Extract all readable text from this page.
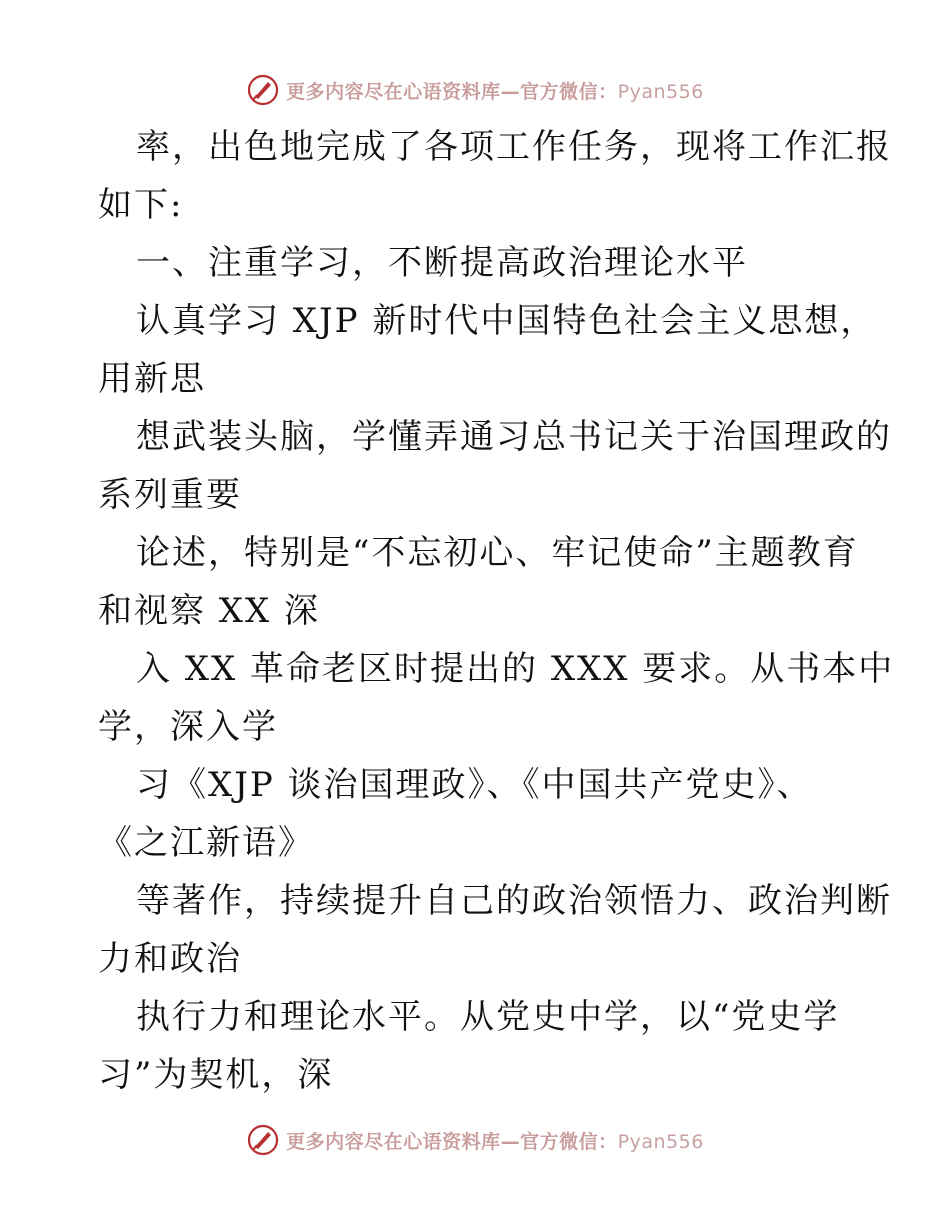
更多内容尽在心语资料库—官方微信：Pyan556
率，出色地完成了各项工作任务，现将工作汇报
如下:
一、注重学习，不断提高政治理论水平
认真学习 XJP 新时代中国特色社会主义思想，
用新思
想武装头脑，学懂弄通习总书记关于治国理政的
系列重要
论述，特别是“不忘初心、牢记使命”主题教育
和视察 XX 深
入 XX 革命老区时提出的 XXX 要求。从书本中
学，深入学
习《XJP 谈治国理政》、《中国共产党史》、
《之江新语》
等著作，持续提升自己的政治领悟力、政治判断
力和政治
执行力和理论水平。从党史中学，以“党史学
习”为契机，深
更多内容尽在心语资料库—官方微信：Pyan556
